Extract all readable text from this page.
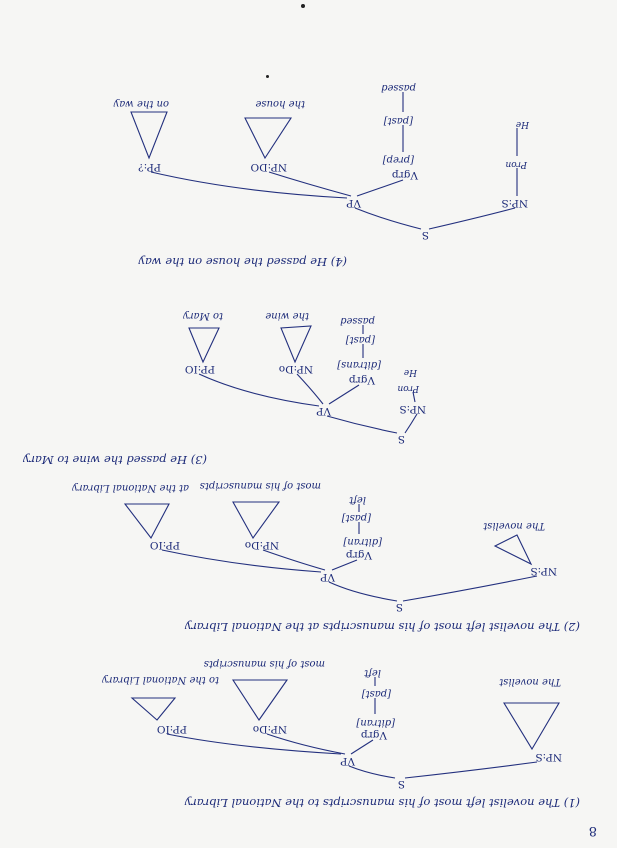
8
(1) The novelist left most of his manuscripts to the National Library
S
NP:S
VP
Vgrp
[ditran]
[past]
left
NP:Do
PP:IO
The novelist
most of his manuscripts
to the National Library
(2) The novelist left most of his manuscripts at the National Library
S
NP:S
VP
Vgrp
[ditran]
[past]
left
NP:Do
PP:IO
The novelist
most of his manuscripts
at the National Library
(3) He passed the wine to Mary
S
NP:S
Pron
He
VP
Vgrp
[ditrans]
[past]
passed
NP:Do
PP:IO
the wine
to Mary
(4) He passed the house on the way
S
NP:S
Pron
He
VP
Vgrp
[prep]
[past]
passed
NP:DO
PP:?
the house
on the way
